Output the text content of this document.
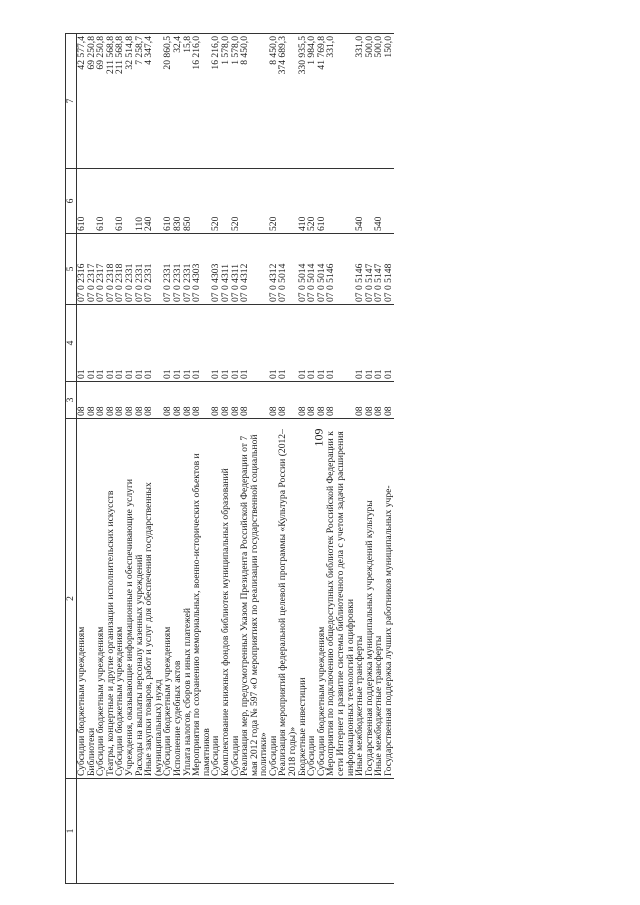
109
1	2	3	4	5	6	7
	Субсидии бюджетным учреждениям	08	01	07 0 2316	610	42 577,4
	Библиотеки	08	01	07 0 2317		69 250,8
	Субсидии бюджетным учреждениям	08	01	07 0 2317	610	69 250,8
	Театры, концертные и другие организации исполнительских искусств	08	01	07 0 2318		211 568,8
	Субсидии бюджетным учреждениям	08	01	07 0 2318	610	211 568,8
	Учреждения, оказывающие информационные и обеспечивающие услуги	08	01	07 0 2331		32 514,8
	Расходы на выплаты персоналу казенных учреждений	08	01	07 0 2331	110	7 258,7
	Иные закупки товаров, работ и услуг для обеспечения государственных (муниципальных) нужд	08	01	07 0 2331	240	4 347,4
	Субсидии бюджетным учреждениям	08	01	07 0 2331	610	20 860,5
	Исполнение судебных актов	08	01	07 0 2331	830	32,4
	Уплата налогов, сборов и иных платежей	08	01	07 0 2331	850	15,8
	Мероприятия по сохранению мемориальных, военно-исторических объектов и памятников	08	01	07 0 4303		16 216,0
	Субсидии	08	01	07 0 4303	520	16 216,0
	Комплектование книжных фондов библиотек муниципальных образований	08	01	07 0 4311		1 578,0
	Субсидии	08	01	07 0 4311	520	1 578,0
	Реализация мер, предусмотренных Указом Президента Российской Федерации от 7 мая 2012 года № 597 «О мероприятиях по реализации государственной социальной политики»	08	01	07 0 4312		8 450,0
	Субсидии	08	01	07 0 4312	520	8 450,0
	Реализация мероприятий федеральной целевой программы «Культура России (2012–2018 годы)»	08	01	07 0 5014		374 689,3
	Бюджетные инвестиции	08	01	07 0 5014	410	330 935,5
	Субсидии	08	01	07 0 5014	520	1 984,0
	Субсидии бюджетным учреждениям	08	01	07 0 5014	610	41 769,8
	Мероприятия по подключению общедоступных библиотек Российской Федерации к сети Интернет и развитие системы библиотечного дела с учетом задачи расширения информационных технологий и оцифровки	08	01	07 0 5146		331,0
	Иные межбюджетные трансферты	08	01	07 0 5146	540	331,0
	Государственная поддержка муниципальных учреждений культуры	08	01	07 0 5147		500,0
	Иные межбюджетные трансферты	08	01	07 0 5147	540	500,0
	Государственная поддержка лучших работников муниципальных учре-	08	01	07 0 5148		150,0
